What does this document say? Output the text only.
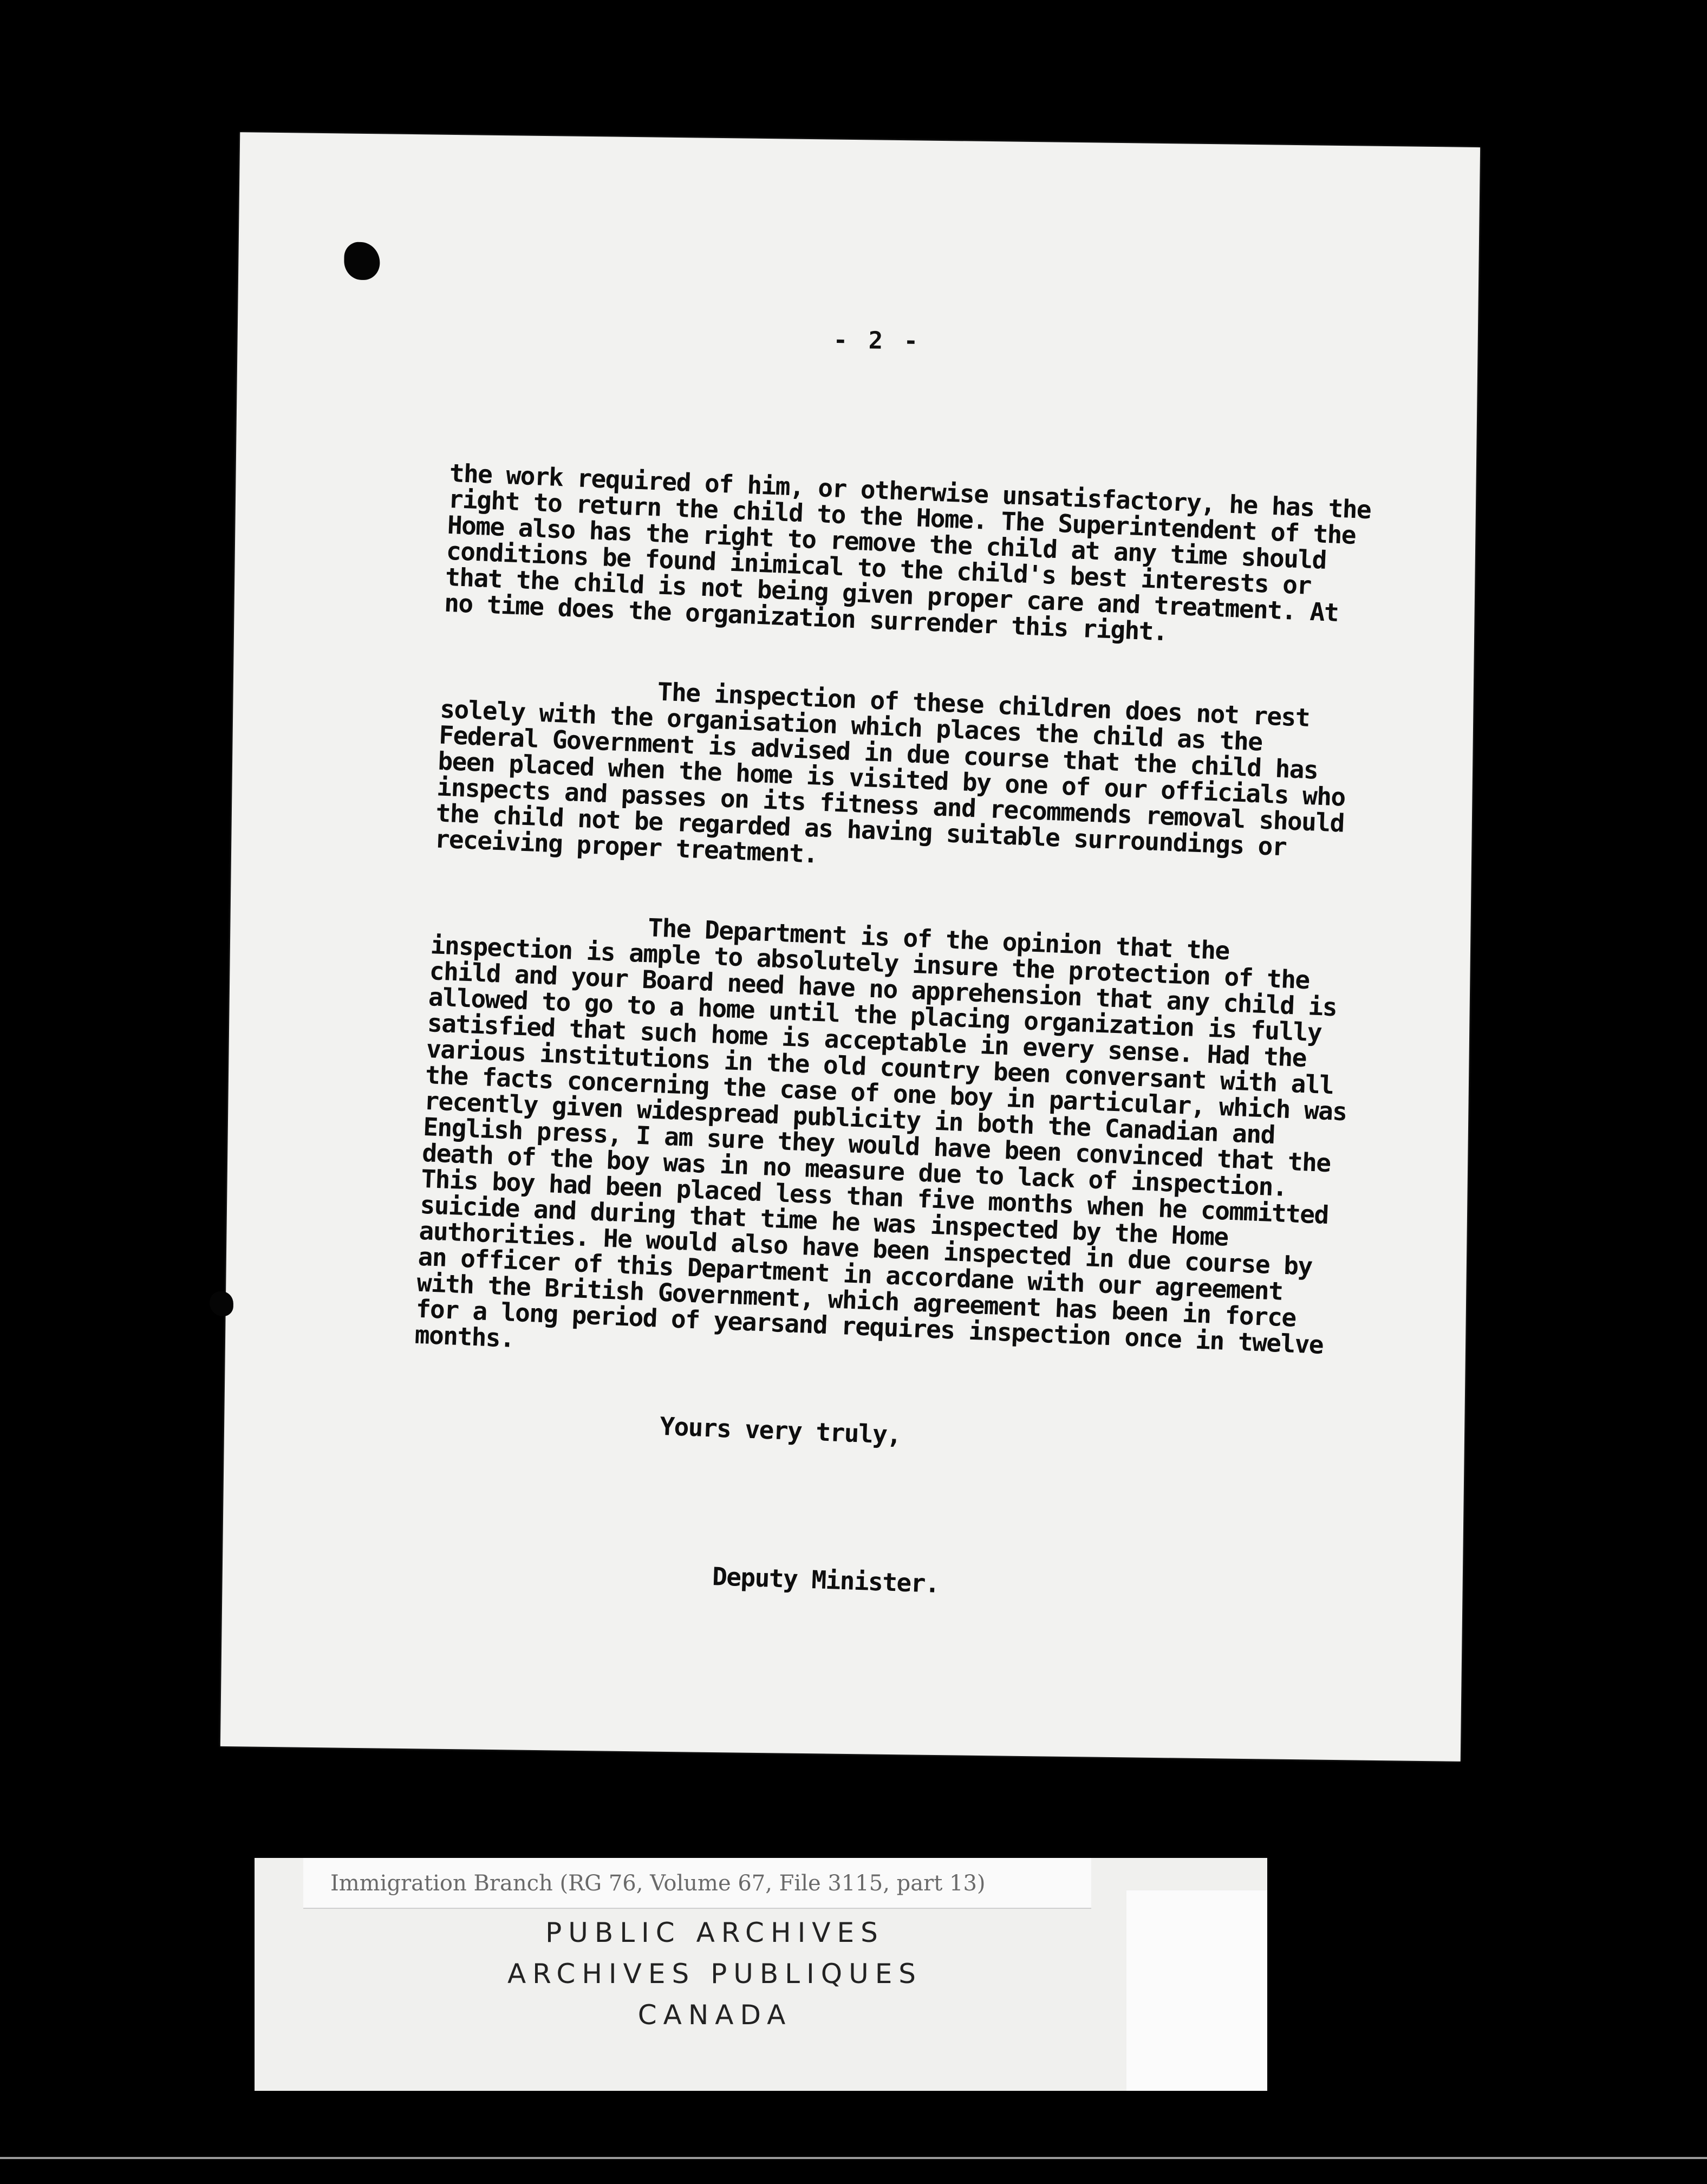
- 2 -

the work required of him, or otherwise unsatisfactory, he has the right to return the child to the Home. The Superintendent of the Home also has the right to remove the child at any time should conditions be found inimical to the child's best interests or that the child is not being given proper care and treatment. At no time does the organization surrender this right.

The inspection of these children does not rest solely with the organisation which places the child as the Federal Government is advised in due course that the child has been placed when the home is visited by one of our officials who inspects and passes on its fitness and recommends removal should the child not be regarded as having suitable surroundings or receiving proper treatment.

The Department is of the opinion that the inspection is ample to absolutely insure the protection of the child and your Board need have no apprehension that any child is allowed to go to a home until the placing organization is fully satisfied that such home is acceptable in every sense. Had the various institutions in the old country been conversant with all the facts concerning the case of one boy in particular, which was recently given widespread publicity in both the Canadian and English press, I am sure they would have been convinced that the death of the boy was in no measure due to lack of inspection. This boy had been placed less than five months when he committed suicide and during that time he was inspected by the Home authorities. He would also have been inspected in due course by an officer of this Department in accordane with our agreement with the British Government, which agreement has been in force for a long period of yearsand requires inspection once in twelve months.

Yours very truly,
Deputy Minister.
Immigration Branch (RG 76, Volume 67, File 3115, part 13)
PUBLIC ARCHIVES
ARCHIVES PUBLIQUES
CANADA
